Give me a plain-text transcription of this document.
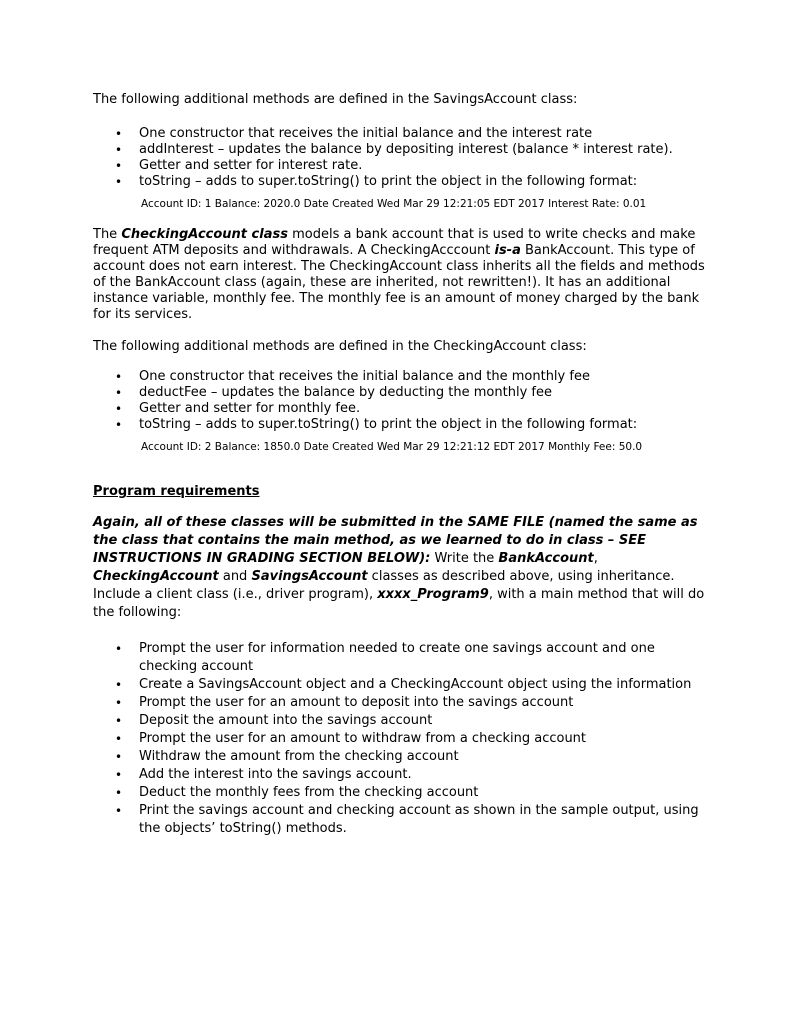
The following additional methods are defined in the SavingsAccount class:

• One constructor that receives the initial balance and the interest rate
• addInterest – updates the balance by depositing interest (balance * interest rate).
• Getter and setter for interest rate.
• toString – adds to super.toString() to print the object in the following format:

Account ID: 1 Balance: 2020.0 Date Created Wed Mar 29 12:21:05 EDT 2017 Interest Rate: 0.01

The CheckingAccount class models a bank account that is used to write checks and make frequent ATM deposits and withdrawals. A CheckingAcccount is-a BankAccount. This type of account does not earn interest. The CheckingAccount class inherits all the fields and methods of the BankAccount class (again, these are inherited, not rewritten!). It has an additional instance variable, monthly fee. The monthly fee is an amount of money charged by the bank for its services.

The following additional methods are defined in the CheckingAccount class:

• One constructor that receives the initial balance and the monthly fee
• deductFee – updates the balance by deducting the monthly fee
• Getter and setter for monthly fee.
• toString – adds to super.toString() to print the object in the following format:

Account ID: 2 Balance: 1850.0 Date Created Wed Mar 29 12:21:12 EDT 2017 Monthly Fee: 50.0

Program requirements

Again, all of these classes will be submitted in the SAME FILE (named the same as the class that contains the main method, as we learned to do in class – SEE INSTRUCTIONS IN GRADING SECTION BELOW): Write the BankAccount, CheckingAccount and SavingsAccount classes as described above, using inheritance. Include a client class (i.e., driver program), xxxx_Program9, with a main method that will do the following:

• Prompt the user for information needed to create one savings account and one checking account
• Create a SavingsAccount object and a CheckingAccount object using the information
• Prompt the user for an amount to deposit into the savings account
• Deposit the amount into the savings account
• Prompt the user for an amount to withdraw from a checking account
• Withdraw the amount from the checking account
• Add the interest into the savings account.
• Deduct the monthly fees from the checking account
• Print the savings account and checking account as shown in the sample output, using the objects’ toString() methods.
